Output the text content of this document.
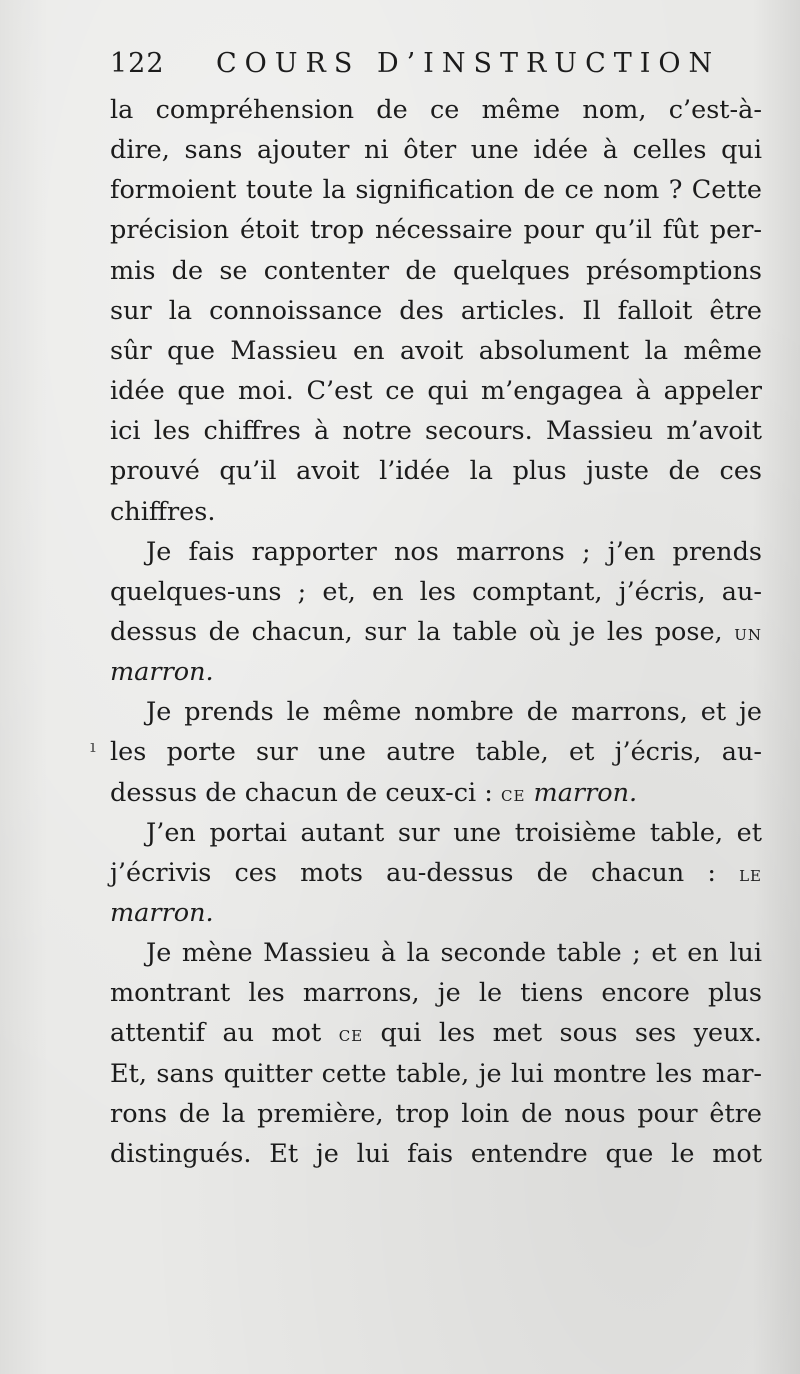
122 COURS D’INSTRUCTION
ı
la compréhension de ce même nom, c’est-à-
dire, sans ajouter ni ôter une idée à celles qui
formoient toute la signification de ce nom ? Cette
précision étoit trop nécessaire pour qu’il fût per-
mis de se contenter de quelques présomptions
sur la connoissance des articles. Il falloit être
sûr que Massieu en avoit absolument la même
idée que moi. C’est ce qui m’engagea à appeler
ici les chiffres à notre secours. Massieu m’avoit
prouvé qu’il avoit l’idée la plus juste de ces
chiffres.
Je fais rapporter nos marrons ; j’en prends
quelques-uns ; et, en les comptant, j’écris, au-
dessus de chacun, sur la table où je les pose, un
marron.
Je prends le même nombre de marrons, et je
les porte sur une autre table, et j’écris, au-
dessus de chacun de ceux-ci : ce marron.
J’en portai autant sur une troisième table, et
j’écrivis ces mots au-dessus de chacun : le
marron.
Je mène Massieu à la seconde table ; et en lui
montrant les marrons, je le tiens encore plus
attentif au mot ce qui les met sous ses yeux.
Et, sans quitter cette table, je lui montre les mar-
rons de la première, trop loin de nous pour être
distingués. Et je lui fais entendre que le mot
